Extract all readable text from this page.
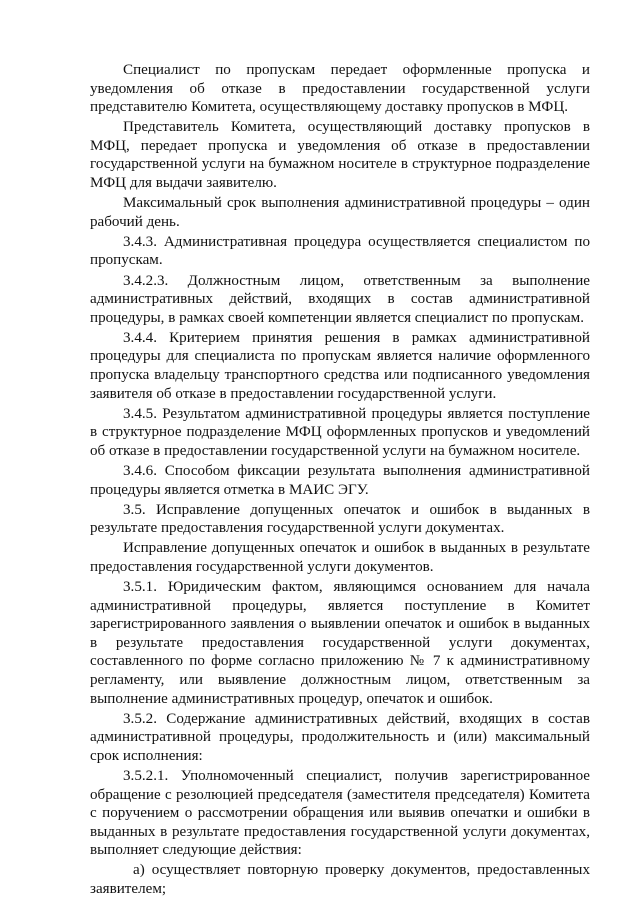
Специалист по пропускам передает оформленные пропуска и уведомления об отказе в предоставлении государственной услуги представителю Комитета, осуществляющему доставку пропусков в МФЦ.

Представитель Комитета, осуществляющий доставку пропусков в МФЦ, передает пропуска и уведомления об отказе в предоставлении государственной услуги на бумажном носителе в структурное подразделение МФЦ для выдачи заявителю.

Максимальный срок выполнения административной процедуры – один рабочий день.

3.4.3. Административная процедура осуществляется специалистом по пропускам.

3.4.2.3. Должностным лицом, ответственным за выполнение административных действий, входящих в состав административной процедуры, в рамках своей компетенции является специалист по пропускам.

3.4.4. Критерием принятия решения в рамках административной процедуры для специалиста по пропускам является наличие оформленного пропуска владельцу транспортного средства или подписанного уведомления заявителя об отказе в предоставлении государственной услуги.

3.4.5. Результатом административной процедуры является поступление в структурное подразделение МФЦ оформленных пропусков и уведомлений об отказе в предоставлении государственной услуги на бумажном носителе.

3.4.6. Способом фиксации результата выполнения административной процедуры является отметка в МАИС ЭГУ.

3.5. Исправление допущенных опечаток и ошибок в выданных в результате предоставления государственной услуги документах.

Исправление допущенных опечаток и ошибок в выданных в результате предоставления государственной услуги документов.

3.5.1. Юридическим фактом, являющимся основанием для начала административной процедуры, является поступление в Комитет зарегистрированного заявления о выявлении опечаток и ошибок в выданных в результате предоставления государственной услуги документах, составленного по форме согласно приложению № 7 к административному регламенту, или выявление должностным лицом, ответственным за выполнение административных процедур, опечаток и ошибок.

3.5.2. Содержание административных действий, входящих в состав административной процедуры, продолжительность и (или) максимальный срок исполнения:

3.5.2.1. Уполномоченный специалист, получив зарегистрированное обращение с резолюцией председателя (заместителя председателя) Комитета с поручением о рассмотрении обращения или выявив опечатки и ошибки в выданных в результате предоставления государственной услуги документах, выполняет следующие действия:

а) осуществляет повторную проверку документов, предоставленных заявителем;
